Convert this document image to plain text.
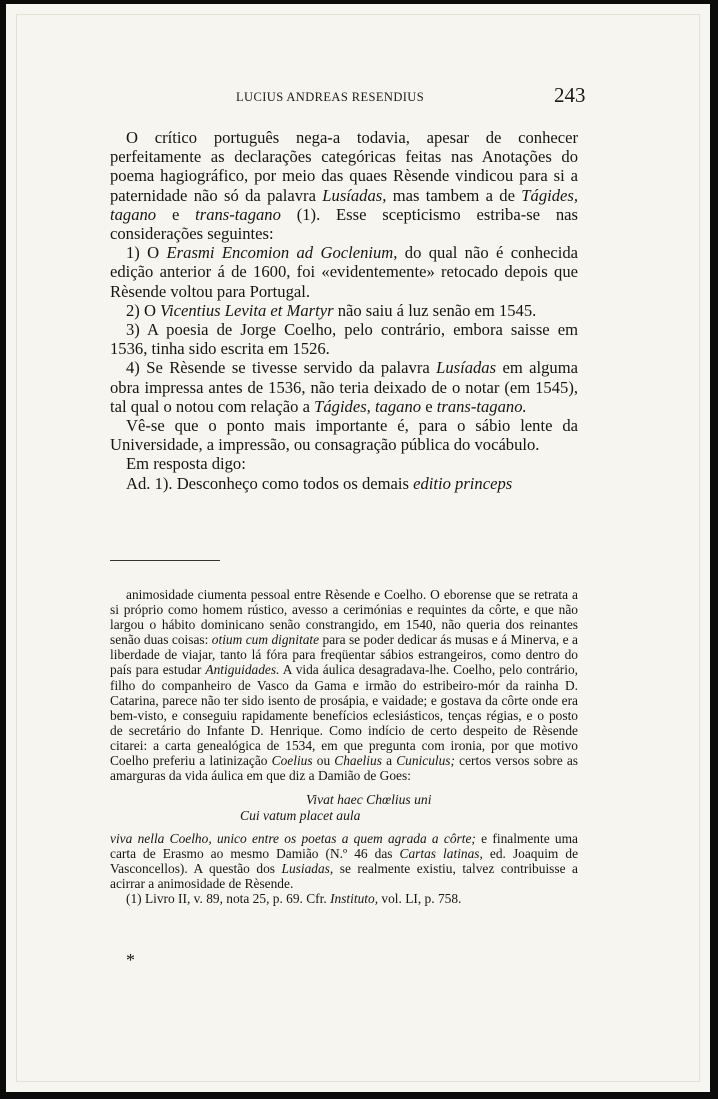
LUCIUS ANDREAS RESENDIUS	243

O crítico português nega-a todavia, apesar de conhecer perfeitamente as declarações categóricas feitas nas Anotações do poema hagiográfico, por meio das quaes Rèsende vindicou para si a paternidade não só da palavra Lusíadas, mas tambem a de Tágides, tagano e trans-tagano (1). Esse scepticismo estriba-se nas considerações seguintes:

1) O Erasmi Encomion ad Goclenium, do qual não é conhecida edição anterior á de 1600, foi «evidentemente» retocado depois que Rèsende voltou para Portugal.

2) O Vicentius Levita et Martyr não saiu á luz senão em 1545.

3) A poesia de Jorge Coelho, pelo contrário, embora saisse em 1536, tinha sido escrita em 1526.

4) Se Rèsende se tivesse servido da palavra Lusíadas em alguma obra impressa antes de 1536, não teria deixado de o notar (em 1545), tal qual o notou com relação a Tágides, tagano e trans-tagano.

Vê-se que o ponto mais importante é, para o sábio lente da Universidade, a impressão, ou consagração pública do vocábulo.

Em resposta digo:

Ad. 1). Desconheço como todos os demais editio princeps

animosidade ciumenta pessoal entre Rèsende e Coelho. O eborense que se retrata a si próprio como homem rústico, avesso a cerimónias e requintes da côrte, e que não largou o hábito dominicano senão constrangido, em 1540, não queria dos reinantes senão duas coisas: otium cum dignitate para se poder dedicar ás musas e á Minerva, e a liberdade de viajar, tanto lá fóra para freqüentar sábios estrangeiros, como dentro do país para estudar Antiguidades. A vida áulica desagradava-lhe. Coelho, pelo contrário, filho do companheiro de Vasco da Gama e irmão do estribeiro-mór da rainha D. Catarina, parece não ter sido isento de prosápia, e vaidade; e gostava da côrte onde era bem-visto, e conseguiu rapidamente benefícios eclesiásticos, tenças régias, e o posto de secretário do Infante D. Henrique. Como indício de certo despeito de Rèsende citarei: a carta genealógica de 1534, em que pregunta com ironia, por que motivo Coelho preferiu a latinização Coelius ou Chaelius a Cuniculus; certos versos sobre as amarguras da vida áulica em que diz a Damião de Goes:

Vivat haec Chœlius uni
Cui vatum placet aula

viva nella Coelho, unico entre os poetas a quem agrada a côrte; e finalmente uma carta de Erasmo ao mesmo Damião (N.º 46 das Cartas latinas, ed. Joaquim de Vasconcellos). A questão dos Lusiadas, se realmente existiu, talvez contribuisse a acirrar a animosidade de Rèsende.

(1) Livro II, v. 89, nota 25, p. 69. Cfr. Instituto, vol. LI, p. 758.

*
